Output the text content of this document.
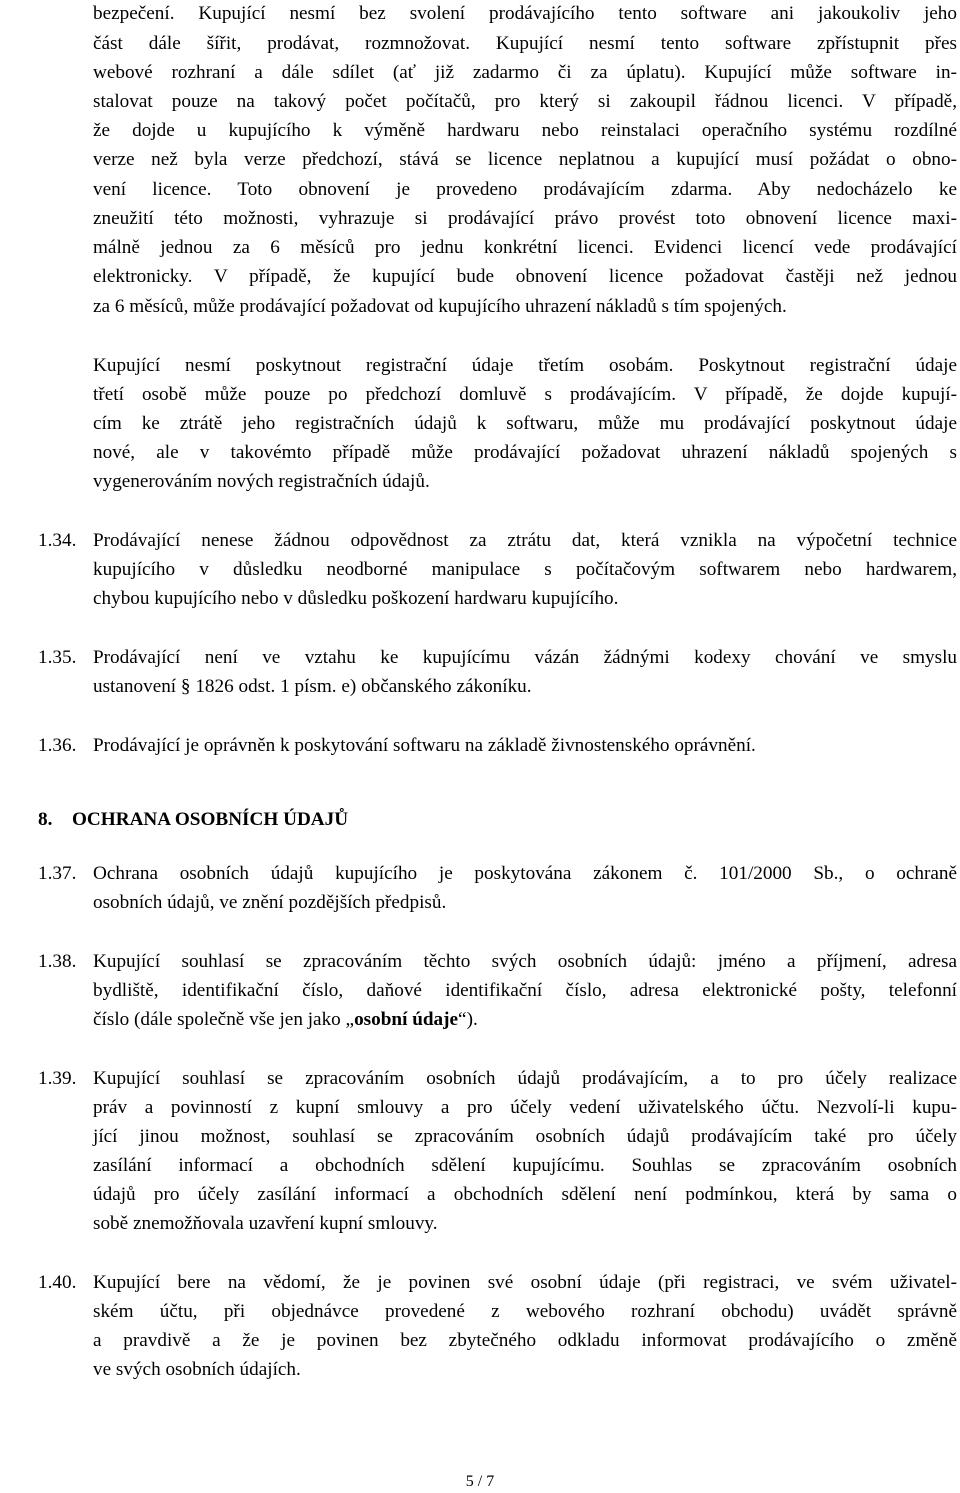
bezpečení. Kupující nesmí bez svolení prodávajícího tento software ani jakoukoliv jeho
část dále šířit, prodávat, rozmnožovat. Kupující nesmí tento software zpřístupnit přes
webové rozhraní a dále sdílet (ať již zadarmo či za úplatu). Kupující může software in-
stalovat pouze na takový počet počítačů, pro který si zakoupil řádnou licenci. V případě,
že dojde u kupujícího k výměně hardwaru nebo reinstalaci operačního systému rozdílné
verze než byla verze předchozí, stává se licence neplatnou a kupující musí požádat o obno-
vení licence. Toto obnovení je provedeno prodávajícím zdarma. Aby nedocházelo ke
zneužití této možnosti, vyhrazuje si prodávající právo provést toto obnovení licence maxi-
málně jednou za 6 měsíců pro jednu konkrétní licenci. Evidenci licencí vede prodávající
elektronicky. V případě, že kupující bude obnovení licence požadovat častěji než jednou
za 6 měsíců, může prodávající požadovat od kupujícího uhrazení nákladů s tím spojených.
Kupující nesmí poskytnout registrační údaje třetím osobám. Poskytnout registrační údaje
třetí osobě může pouze po předchozí domluvě s prodávajícím. V případě, že dojde kupují-
cím ke ztrátě jeho registračních údajů k softwaru, může mu prodávající poskytnout údaje
nové, ale v takovémto případě může prodávající požadovat uhrazení nákladů spojených s
vygenerováním nových registračních údajů.
1.34. Prodávající nenese žádnou odpovědnost za ztrátu dat, která vznikla na výpočetní technice
kupujícího v důsledku neodborné manipulace s počítačovým softwarem nebo hardwarem,
chybou kupujícího nebo v důsledku poškození hardwaru kupujícího.
1.35. Prodávající není ve vztahu ke kupujícímu vázán žádnými kodexy chování ve smyslu
ustanovení § 1826 odst. 1 písm. e) občanského zákoníku.
1.36. Prodávající je oprávněn k poskytování softwaru na základě živnostenského oprávnění.
8. OCHRANA OSOBNÍCH ÚDAJŮ
1.37. Ochrana osobních údajů kupujícího je poskytována zákonem č. 101/2000 Sb., o ochraně
osobních údajů, ve znění pozdějších předpisů.
1.38. Kupující souhlasí se zpracováním těchto svých osobních údajů: jméno a příjmení, adresa
bydliště, identifikační číslo, daňové identifikační číslo, adresa elektronické pošty, telefonní
číslo (dále společně vše jen jako „osobní údaje“).
1.39. Kupující souhlasí se zpracováním osobních údajů prodávajícím, a to pro účely realizace
práv a povinností z kupní smlouvy a pro účely vedení uživatelského účtu. Nezvolí-li kupu-
jící jinou možnost, souhlasí se zpracováním osobních údajů prodávajícím také pro účely
zasílání informací a obchodních sdělení kupujícímu. Souhlas se zpracováním osobních
údajů pro účely zasílání informací a obchodních sdělení není podmínkou, která by sama o
sobě znemožňovala uzavření kupní smlouvy.
1.40. Kupující bere na vědomí, že je povinen své osobní údaje (při registraci, ve svém uživatel-
ském účtu, při objednávce provedené z webového rozhraní obchodu) uvádět správně
a pravdivě a že je povinen bez zbytečného odkladu informovat prodávajícího o změně
ve svých osobních údajích.
5 / 7
